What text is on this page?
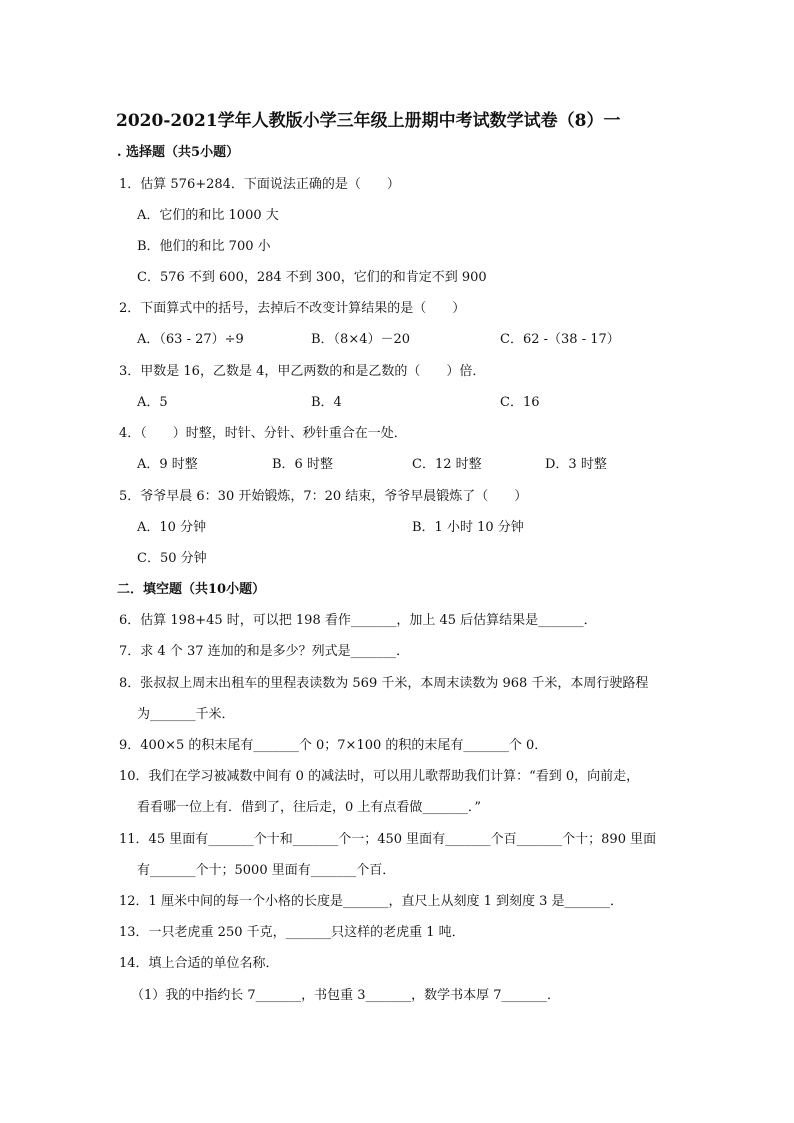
2020-2021学年人教版小学三年级上册期中考试数学试卷（8）一
. 选择题（共5小题）
1．估算 576+284．下面说法正确的是（　　）
A．它们的和比 1000 大
B．他们的和比 700 小
C．576 不到 600，284 不到 300，它们的和肯定不到 900
2．下面算式中的括号，去掉后不改变计算结果的是（　　）
A．（63 - 27）÷9	B．（8×4）－20	C．62 -（38 - 17）
3．甲数是 16，乙数是 4，甲乙两数的和是乙数的（　　）倍．
A．5	B．4	C．16
4．（　　）时整，时针、分针、秒针重合在一处．
A．9 时整	B．6 时整	C．12 时整	D．3 时整
5．爷爷早晨 6：30 开始锻炼，7：20 结束，爷爷早晨锻炼了（　　）
A．10 分钟	B．1 小时 10 分钟
C．50 分钟
二．填空题（共10小题）
6．估算 198+45 时，可以把 198 看作_______，加上 45 后估算结果是_______．
7．求 4 个 37 连加的和是多少？列式是_______．
8．张叔叔上周末出租车的里程表读数为 569 千米，本周末读数为 968 千米，本周行驶路程
为_______千米．
9．400×5 的积末尾有_______个 0；7×100 的积的末尾有_______个 0．
10．我们在学习被减数中间有 0 的减法时，可以用儿歌帮助我们计算：“看到 0，向前走，
看看哪一位上有．借到了，往后走，0 上有点看做_______．”
11．45 里面有_______个十和_______个一；450 里面有_______个百_______个十；890 里面
有_______个十；5000 里面有_______个百．
12．1 厘米中间的每一个小格的长度是_______，直尺上从刻度 1 到刻度 3 是_______．
13．一只老虎重 250 千克，_______只这样的老虎重 1 吨．
14．填上合适的单位名称．
（1）我的中指约长 7_______，书包重 3_______，数学书本厚 7_______．
